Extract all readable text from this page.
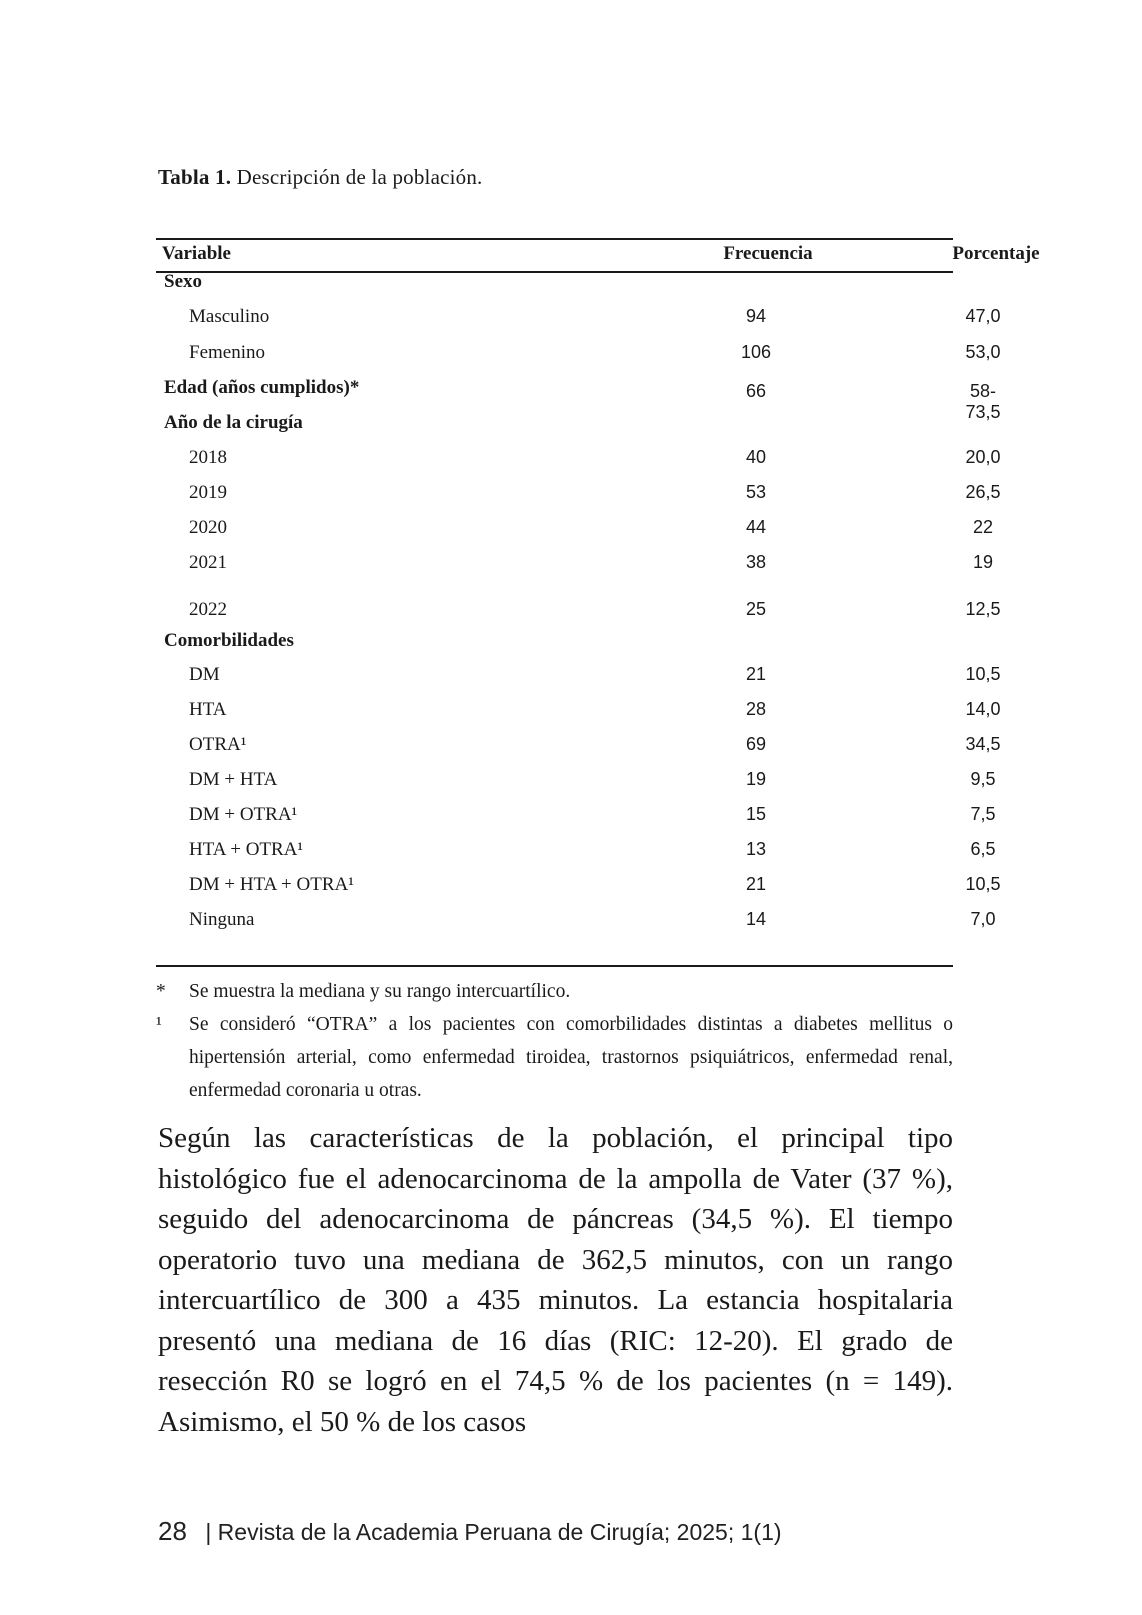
Tabla 1. Descripción de la población.
Variable	Frecuencia	Porcentaje
Sexo
Masculino	94	47,0
Femenino	106	53,0
Edad (años cumplidos)*	66	58-73,5
Año de la cirugía
2018	40	20,0
2019	53	26,5
2020	44	22
2021	38	19
2022	25	12,5
Comorbilidades
DM	21	10,5
HTA	28	14,0
OTRA¹	69	34,5
DM + HTA	19	9,5
DM + OTRA¹	15	7,5
HTA + OTRA¹	13	6,5
DM + HTA + OTRA¹	21	10,5
Ninguna	14	7,0
* Se muestra la mediana y su rango intercuartílico.
¹ Se consideró “OTRA” a los pacientes con comorbilidades distintas a diabetes mellitus o hipertensión arterial, como enfermedad tiroidea, trastornos psiquiátricos, enfermedad renal, enfermedad coronaria u otras.
Según las características de la población, el principal tipo histológico fue el adenocarcinoma de la ampolla de Vater (37 %), seguido del adenocarcinoma de páncreas (34,5 %). El tiempo operatorio tuvo una mediana de 362,5 minutos, con un rango intercuartílico de 300 a 435 minutos. La estancia hospitalaria presentó una mediana de 16 días (RIC: 12-20). El grado de resección R0 se logró en el 74,5 % de los pacientes (n = 149). Asimismo, el 50 % de los casos
28 | Revista de la Academia Peruana de Cirugía; 2025; 1(1)
